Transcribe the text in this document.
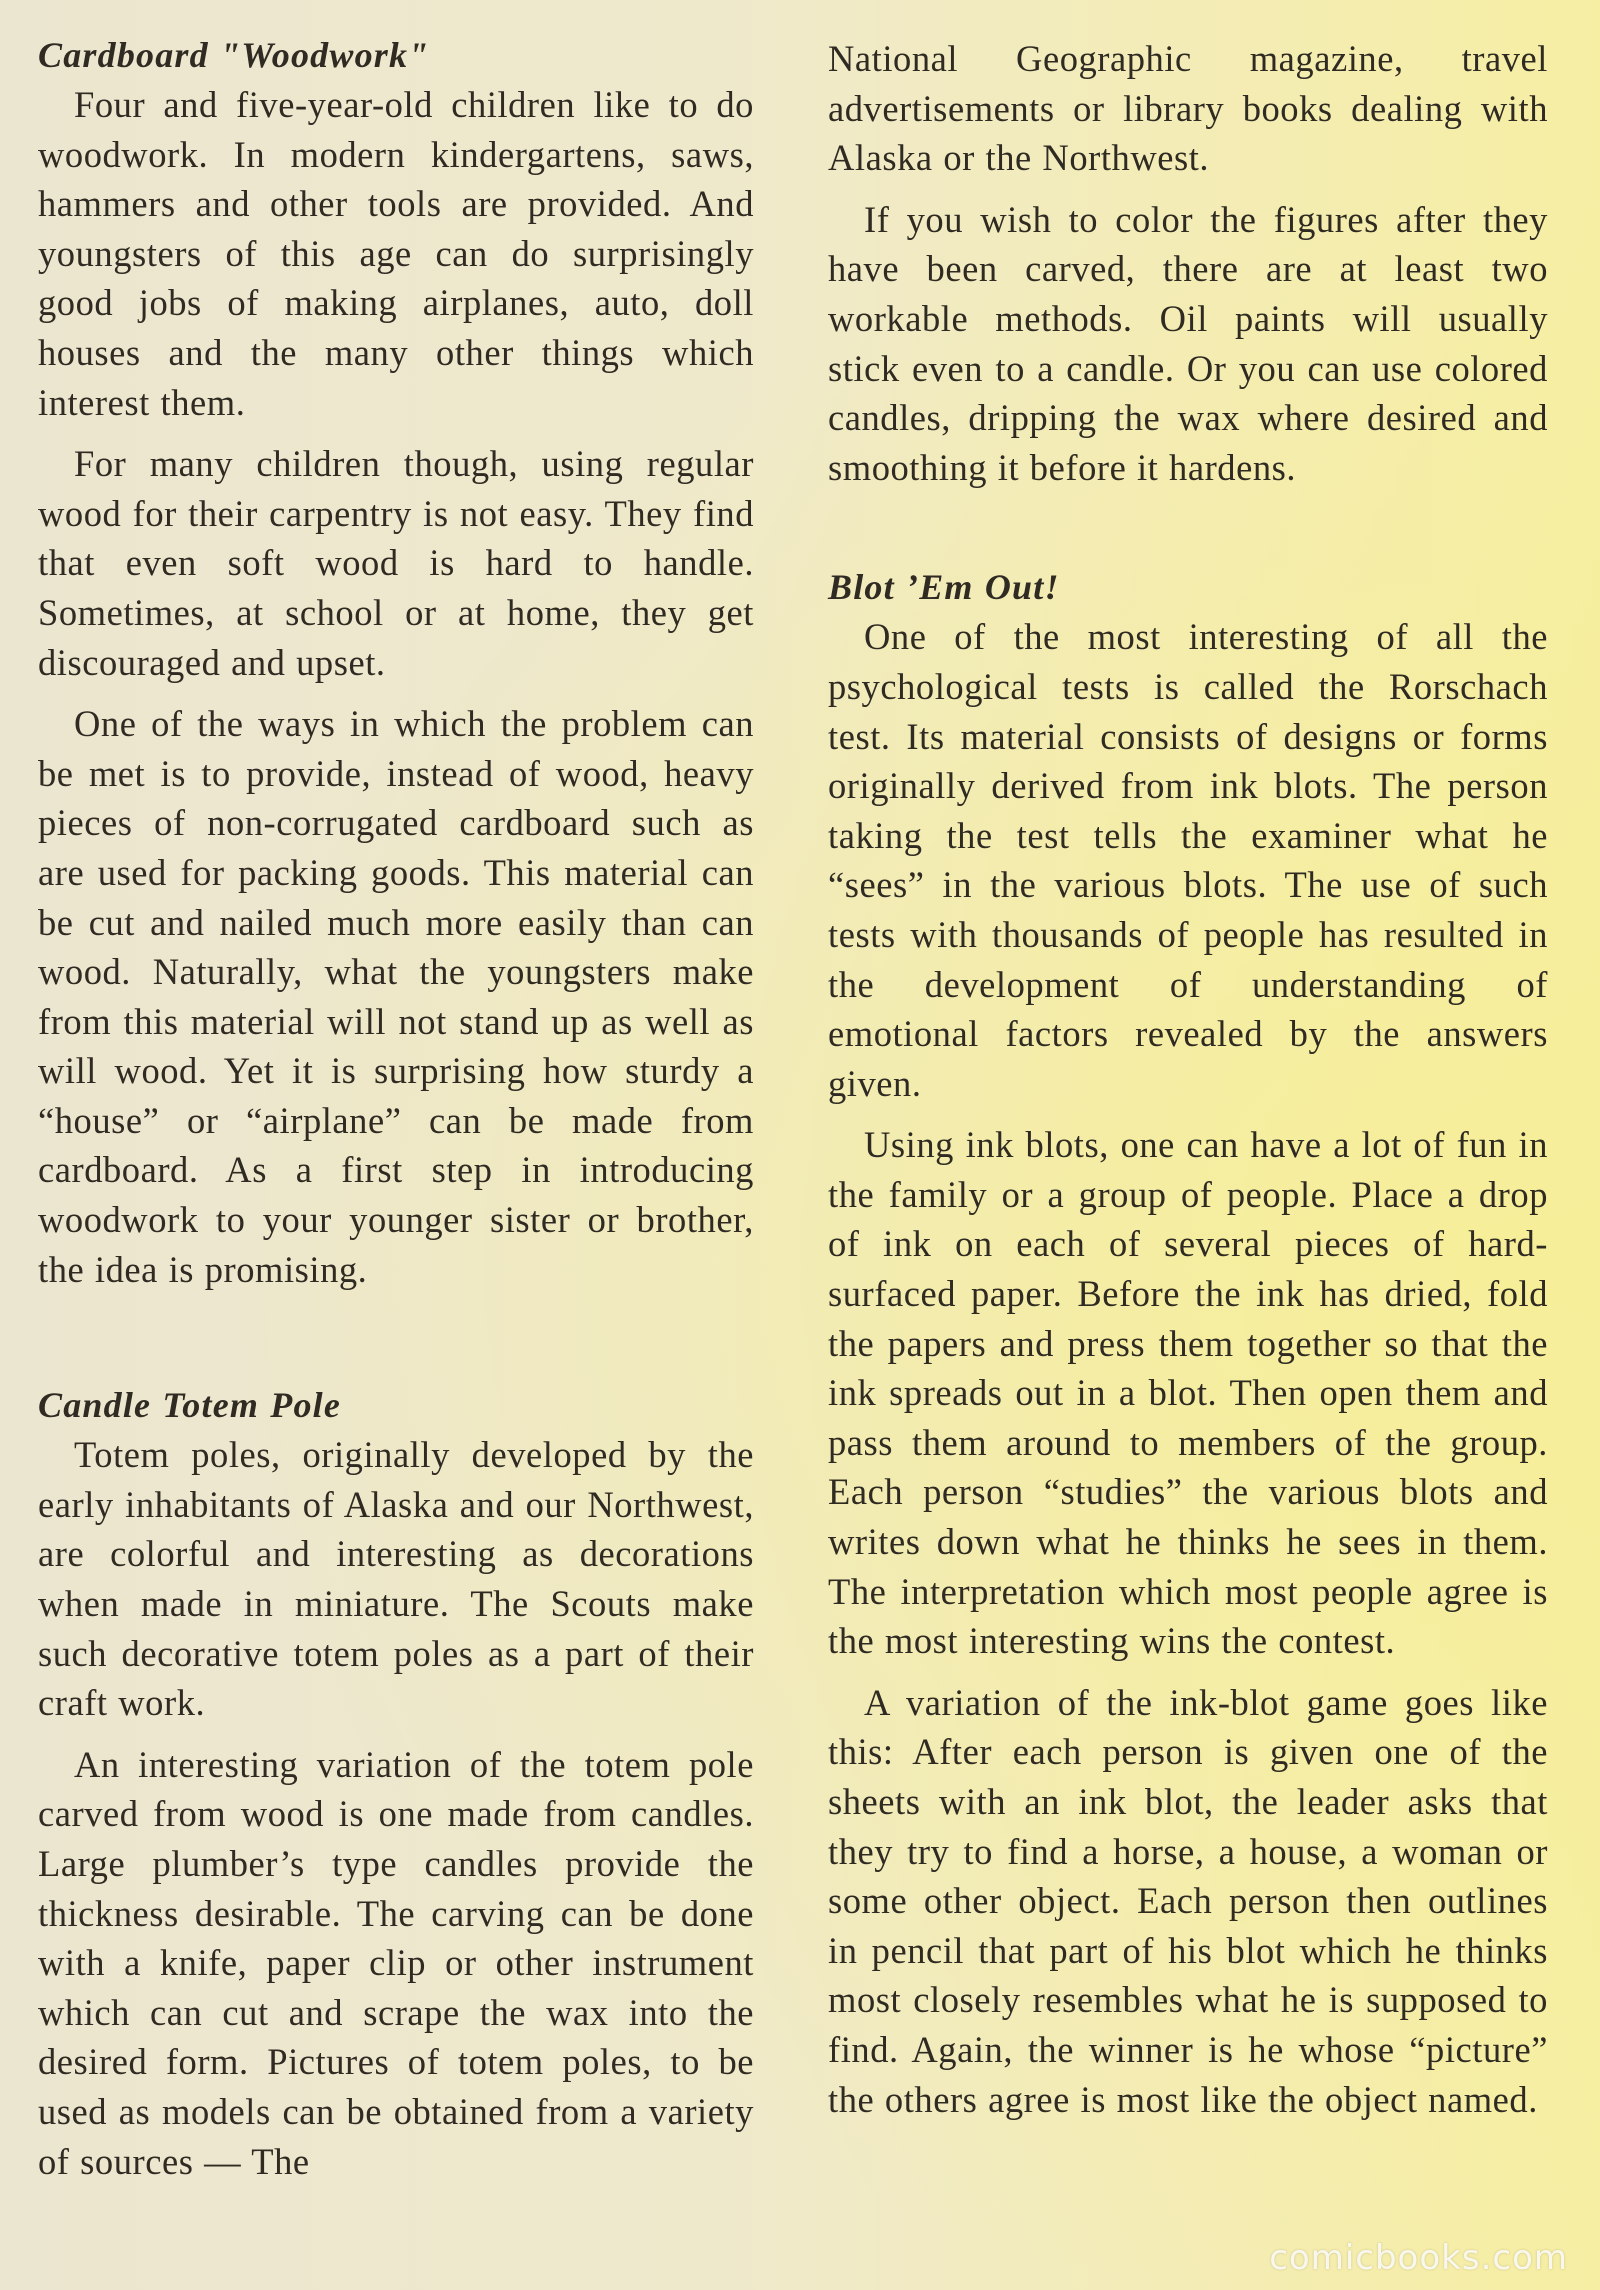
Cardboard "Woodwork"

Four and five-year-old children like to do woodwork. In modern kindergartens, saws, hammers and other tools are provided. And youngsters of this age can do surprisingly good jobs of making airplanes, auto, doll houses and the many other things which interest them.

For many children though, using regular wood for their carpentry is not easy. They find that even soft wood is hard to handle. Sometimes, at school or at home, they get discouraged and upset.

One of the ways in which the problem can be met is to provide, instead of wood, heavy pieces of non-corrugated cardboard such as are used for packing goods. This material can be cut and nailed much more easily than can wood. Naturally, what the youngsters make from this material will not stand up as well as will wood. Yet it is surprising how sturdy a “house” or “airplane” can be made from cardboard. As a first step in introducing woodwork to your younger sister or brother, the idea is promising.

Candle Totem Pole

Totem poles, originally developed by the early inhabitants of Alaska and our Northwest, are colorful and interesting as decorations when made in miniature. The Scouts make such decorative totem poles as a part of their craft work.

An interesting variation of the totem pole carved from wood is one made from candles. Large plumber’s type candles provide the thickness desirable. The carving can be done with a knife, paper clip or other instrument which can cut and scrape the wax into the desired form. Pictures of totem poles, to be used as models can be obtained from a variety of sources — The

National Geographic magazine, travel advertisements or library books dealing with Alaska or the Northwest.

If you wish to color the figures after they have been carved, there are at least two workable methods. Oil paints will usually stick even to a candle. Or you can use colored candles, dripping the wax where desired and smoothing it before it hardens.

Blot ’Em Out!

One of the most interesting of all the psychological tests is called the Rorschach test. Its material consists of designs or forms originally derived from ink blots. The person taking the test tells the examiner what he “sees” in the various blots. The use of such tests with thousands of people has resulted in the development of understanding of emotional factors revealed by the answers given.

Using ink blots, one can have a lot of fun in the family or a group of people. Place a drop of ink on each of several pieces of hard-surfaced paper. Before the ink has dried, fold the papers and press them together so that the ink spreads out in a blot. Then open them and pass them around to members of the group. Each person “studies” the various blots and writes down what he thinks he sees in them. The interpretation which most people agree is the most interesting wins the contest.

A variation of the ink-blot game goes like this: After each person is given one of the sheets with an ink blot, the leader asks that they try to find a horse, a house, a woman or some other object. Each person then outlines in pencil that part of his blot which he thinks most closely resembles what he is supposed to find. Again, the winner is he whose “picture” the others agree is most like the object named.

comicbooks.com
